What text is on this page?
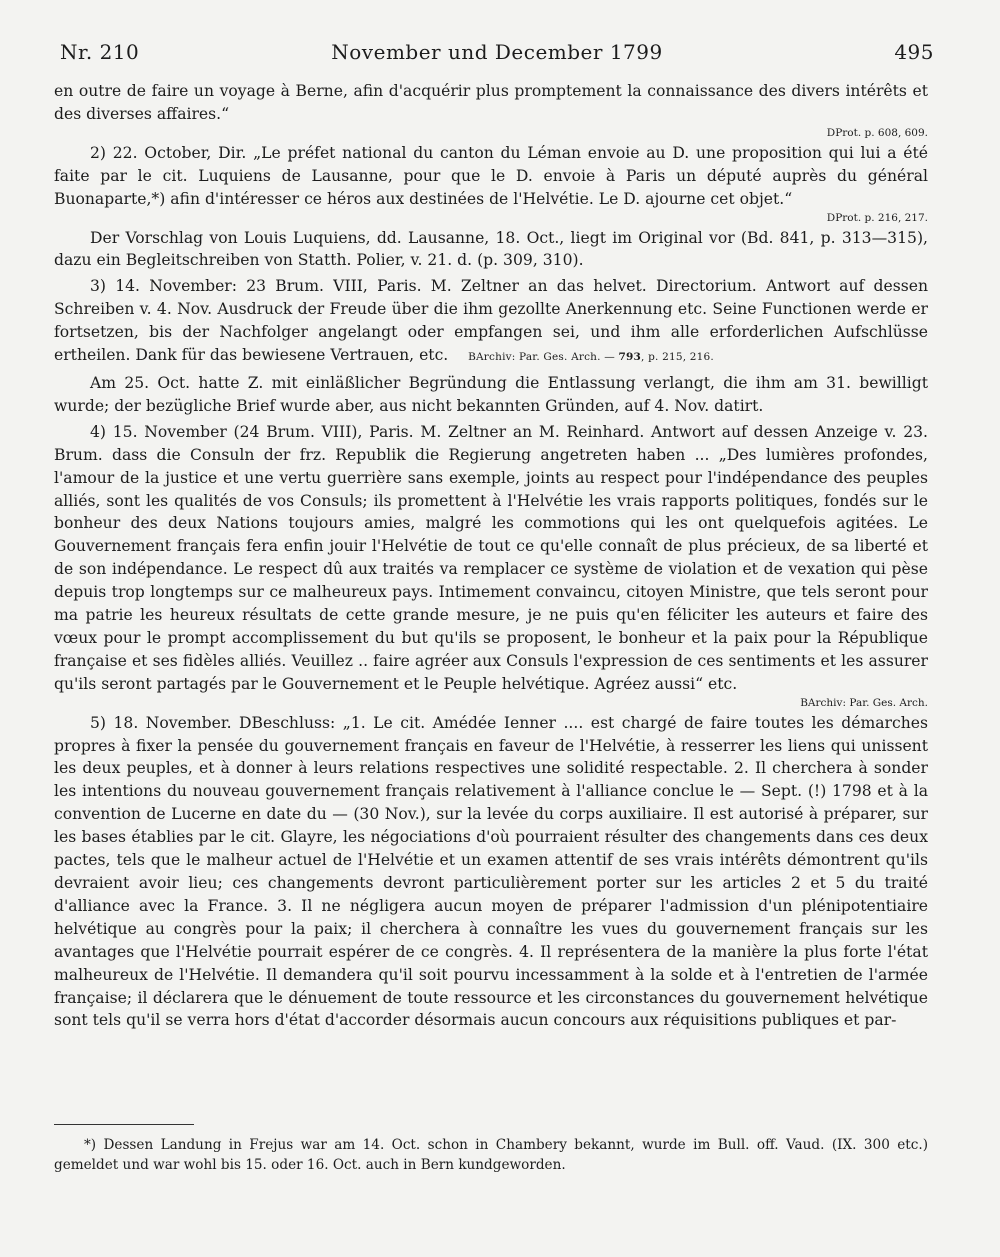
Nr. 210	November und December 1799	495

en outre de faire un voyage à Berne, afin d'acquérir plus promptement la connaissance des divers intérêts et des diverses affaires.“

DProt. p. 608, 609.

2) 22. October, Dir. „Le préfet national du canton du Léman envoie au D. une proposition qui lui a été faite par le cit. Luquiens de Lausanne, pour que le D. envoie à Paris un député auprès du général Buonaparte,*) afin d'intéresser ce héros aux destinées de l'Helvétie. Le D. ajourne cet objet.“

DProt. p. 216, 217.

Der Vorschlag von Louis Luquiens, dd. Lausanne, 18. Oct., liegt im Original vor (Bd. 841, p. 313—315), dazu ein Begleitschreiben von Statth. Polier, v. 21. d. (p. 309, 310).

3) 14. November: 23 Brum. VIII, Paris. M. Zeltner an das helvet. Directorium. Antwort auf dessen Schreiben v. 4. Nov. Ausdruck der Freude über die ihm gezollte Anerkennung etc. Seine Functionen werde er fortsetzen, bis der Nachfolger angelangt oder empfangen sei, und ihm alle erforderlichen Aufschlüsse ertheilen. Dank für das bewiesene Vertrauen, etc. BArchiv: Par. Ges. Arch. — 793, p. 215, 216.

Am 25. Oct. hatte Z. mit einläßlicher Begründung die Entlassung verlangt, die ihm am 31. bewilligt wurde; der bezügliche Brief wurde aber, aus nicht bekannten Gründen, auf 4. Nov. datirt.

4) 15. November (24 Brum. VIII), Paris. M. Zeltner an M. Reinhard. Antwort auf dessen Anzeige v. 23. Brum. dass die Consuln der frz. Republik die Regierung angetreten haben ... „Des lumières profondes, l'amour de la justice et une vertu guerrière sans exemple, joints au respect pour l'indépendance des peuples alliés, sont les qualités de vos Consuls; ils promettent à l'Helvétie les vrais rapports politiques, fondés sur le bonheur des deux Nations toujours amies, malgré les commotions qui les ont quelquefois agitées. Le Gouvernement français fera enfin jouir l'Helvétie de tout ce qu'elle connaît de plus précieux, de sa liberté et de son indépendance. Le respect dû aux traités va remplacer ce système de violation et de vexation qui pèse depuis trop longtemps sur ce malheureux pays. Intimement convaincu, citoyen Ministre, que tels seront pour ma patrie les heureux résultats de cette grande mesure, je ne puis qu'en féliciter les auteurs et faire des vœux pour le prompt accomplissement du but qu'ils se proposent, le bonheur et la paix pour la République française et ses fidèles alliés. Veuillez .. faire agréer aux Consuls l'expression de ces sentiments et les assurer qu'ils seront partagés par le Gouvernement et le Peuple helvétique. Agréez aussi“ etc.

BArchiv: Par. Ges. Arch.

5) 18. November. DBeschluss: „1. Le cit. Amédée Ienner .... est chargé de faire toutes les démarches propres à fixer la pensée du gouvernement français en faveur de l'Helvétie, à resserrer les liens qui unissent les deux peuples, et à donner à leurs relations respectives une solidité respectable. 2. Il cherchera à sonder les intentions du nouveau gouvernement français relativement à l'alliance conclue le — Sept. (!) 1798 et à la convention de Lucerne en date du — (30 Nov.), sur la levée du corps auxiliaire. Il est autorisé à préparer, sur les bases établies par le cit. Glayre, les négociations d'où pourraient résulter des changements dans ces deux pactes, tels que le malheur actuel de l'Helvétie et un examen attentif de ses vrais intérêts démontrent qu'ils devraient avoir lieu; ces changements devront particulièrement porter sur les articles 2 et 5 du traité d'alliance avec la France. 3. Il ne négligera aucun moyen de préparer l'admission d'un plénipotentiaire helvétique au congrès pour la paix; il cherchera à connaître les vues du gouvernement français sur les avantages que l'Helvétie pourrait espérer de ce congrès. 4. Il représentera de la manière la plus forte l'état malheureux de l'Helvétie. Il demandera qu'il soit pourvu incessamment à la solde et à l'entretien de l'armée française; il déclarera que le dénuement de toute ressource et les circonstances du gouvernement helvétique sont tels qu'il se verra hors d'état d'accorder désormais aucun concours aux réquisitions publiques et par-

*) Dessen Landung in Frejus war am 14. Oct. schon in Chambery bekannt, wurde im Bull. off. Vaud. (IX. 300 etc.) gemeldet und war wohl bis 15. oder 16. Oct. auch in Bern kundgeworden.
